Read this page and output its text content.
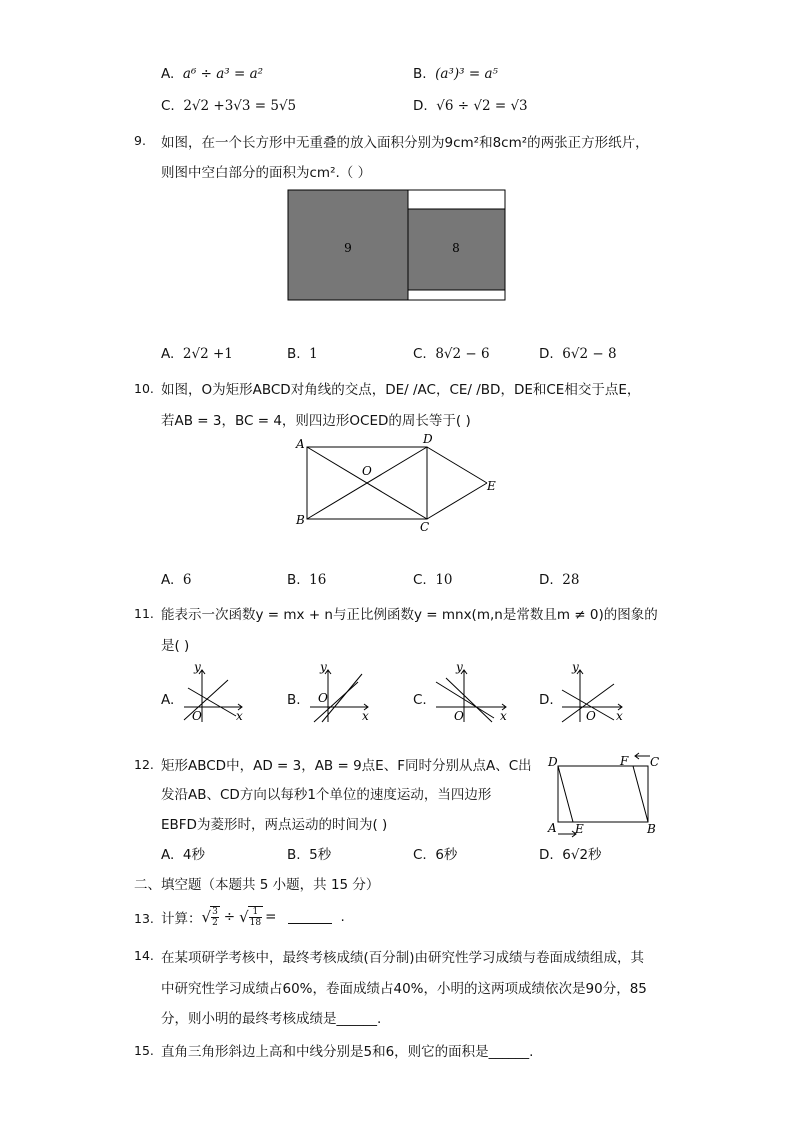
A. a⁶ ÷ a³ = a²	B. (a³)³ = a⁵
C. 2√2 +3√3 = 5√5	D. √6 ÷ √2 = √3
9. 如图，在一个长方形中无重叠的放入面积分别为9cm²和8cm²的两张正方形纸片，
则图中空白部分的面积为cm².（ ）
9	8
A. 2√2 +1	B. 1	C. 8√2 − 6	D. 6√2 − 8
10. 如图，O为矩形ABCD对角线的交点，DE/ /AC，CE/ /BD，DE和CE相交于点E，
若AB = 3，BC = 4，则四边形OCED的周长等于( )
A
B	C
D
O
E
A. 6	B. 16	C. 10	D. 28
11. 能表示一次函数y = mx + n与正比例函数y = mnx(m,n是常数且m ≠ 0)的图象的
是( )
A.
y
x
O
B.
y
x
O	C.
y
x
O
D.
y
x
O
12. 矩形ABCD中，AD = 3，AB = 9点E、F同时分别从点A、C出
发沿AB、CD方向以每秒1个单位的速度运动，当四边形
EBFD为菱形时，两点运动的时间为( )
D	C
F
A E	B
A. 4秒	B. 5秒	C. 6秒	D. 6√2秒
二、填空题（本题共 5 小题，共 15 分）
13. 计算： √ $\frac{3}{2}$ ÷ √ $\frac{1}{18}$ =	.
14. 在某项研学考核中，最终考核成绩(百分制)由研究性学习成绩与卷面成绩组成，其
中研究性学习成绩占60%，卷面成绩占40%，小明的这两项成绩依次是90分，85
分，则小明的最终考核成绩是______.
15. 直角三角形斜边上高和中线分别是5和6，则它的面积是______.
